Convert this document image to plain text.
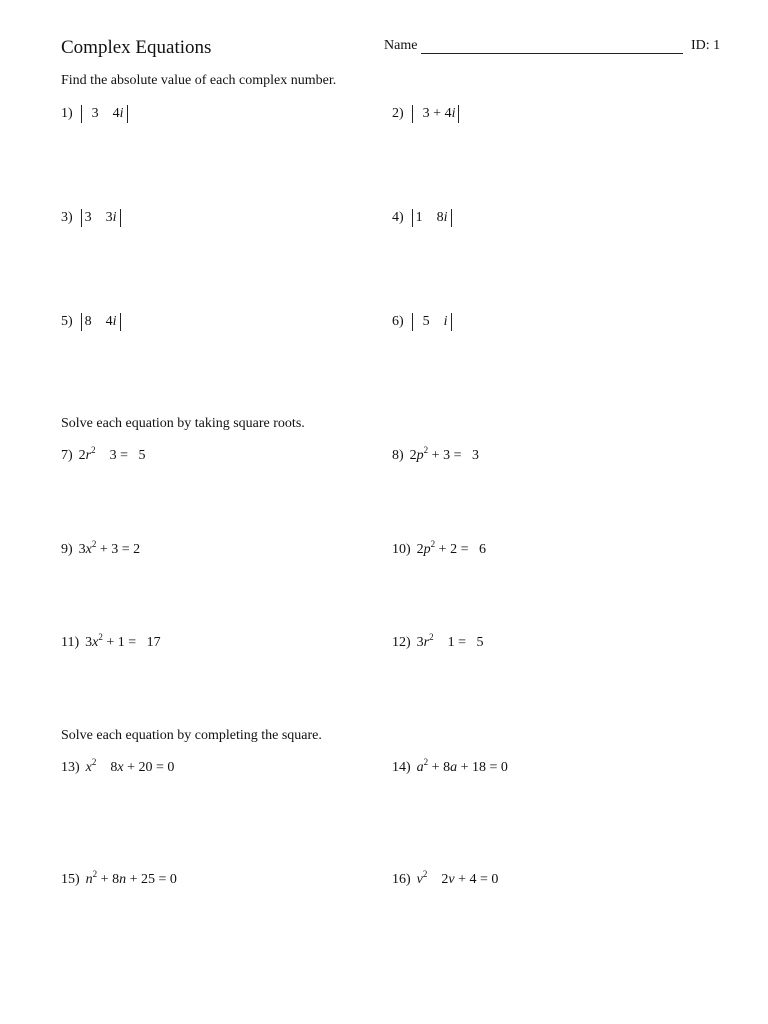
Complex Equations	Name	ID: 1
Find the absolute value of each complex number.
1)  3    4i	2)  3 + 4i
3) 3    3i	4) 1    8i
5) 8    4i	6)  5    i
Solve each equation by taking square roots.
7) $2r^2$    3 =   5	8) $2p^2 + 3 = 3$
9) $3x^2 + 3 = 2$	10) $2p^2 + 2 = 6$
11) $3x^2 + 1 = 17$	12) $3r^2$    1 =   5
Solve each equation by completing the square.
13) $x^2$    8x + 20 = 0	14) $a^2 + 8a + 18 = 0$
15) $n^2 + 8n + 25 = 0$	16) $v^2$    2v + 4 = 0
